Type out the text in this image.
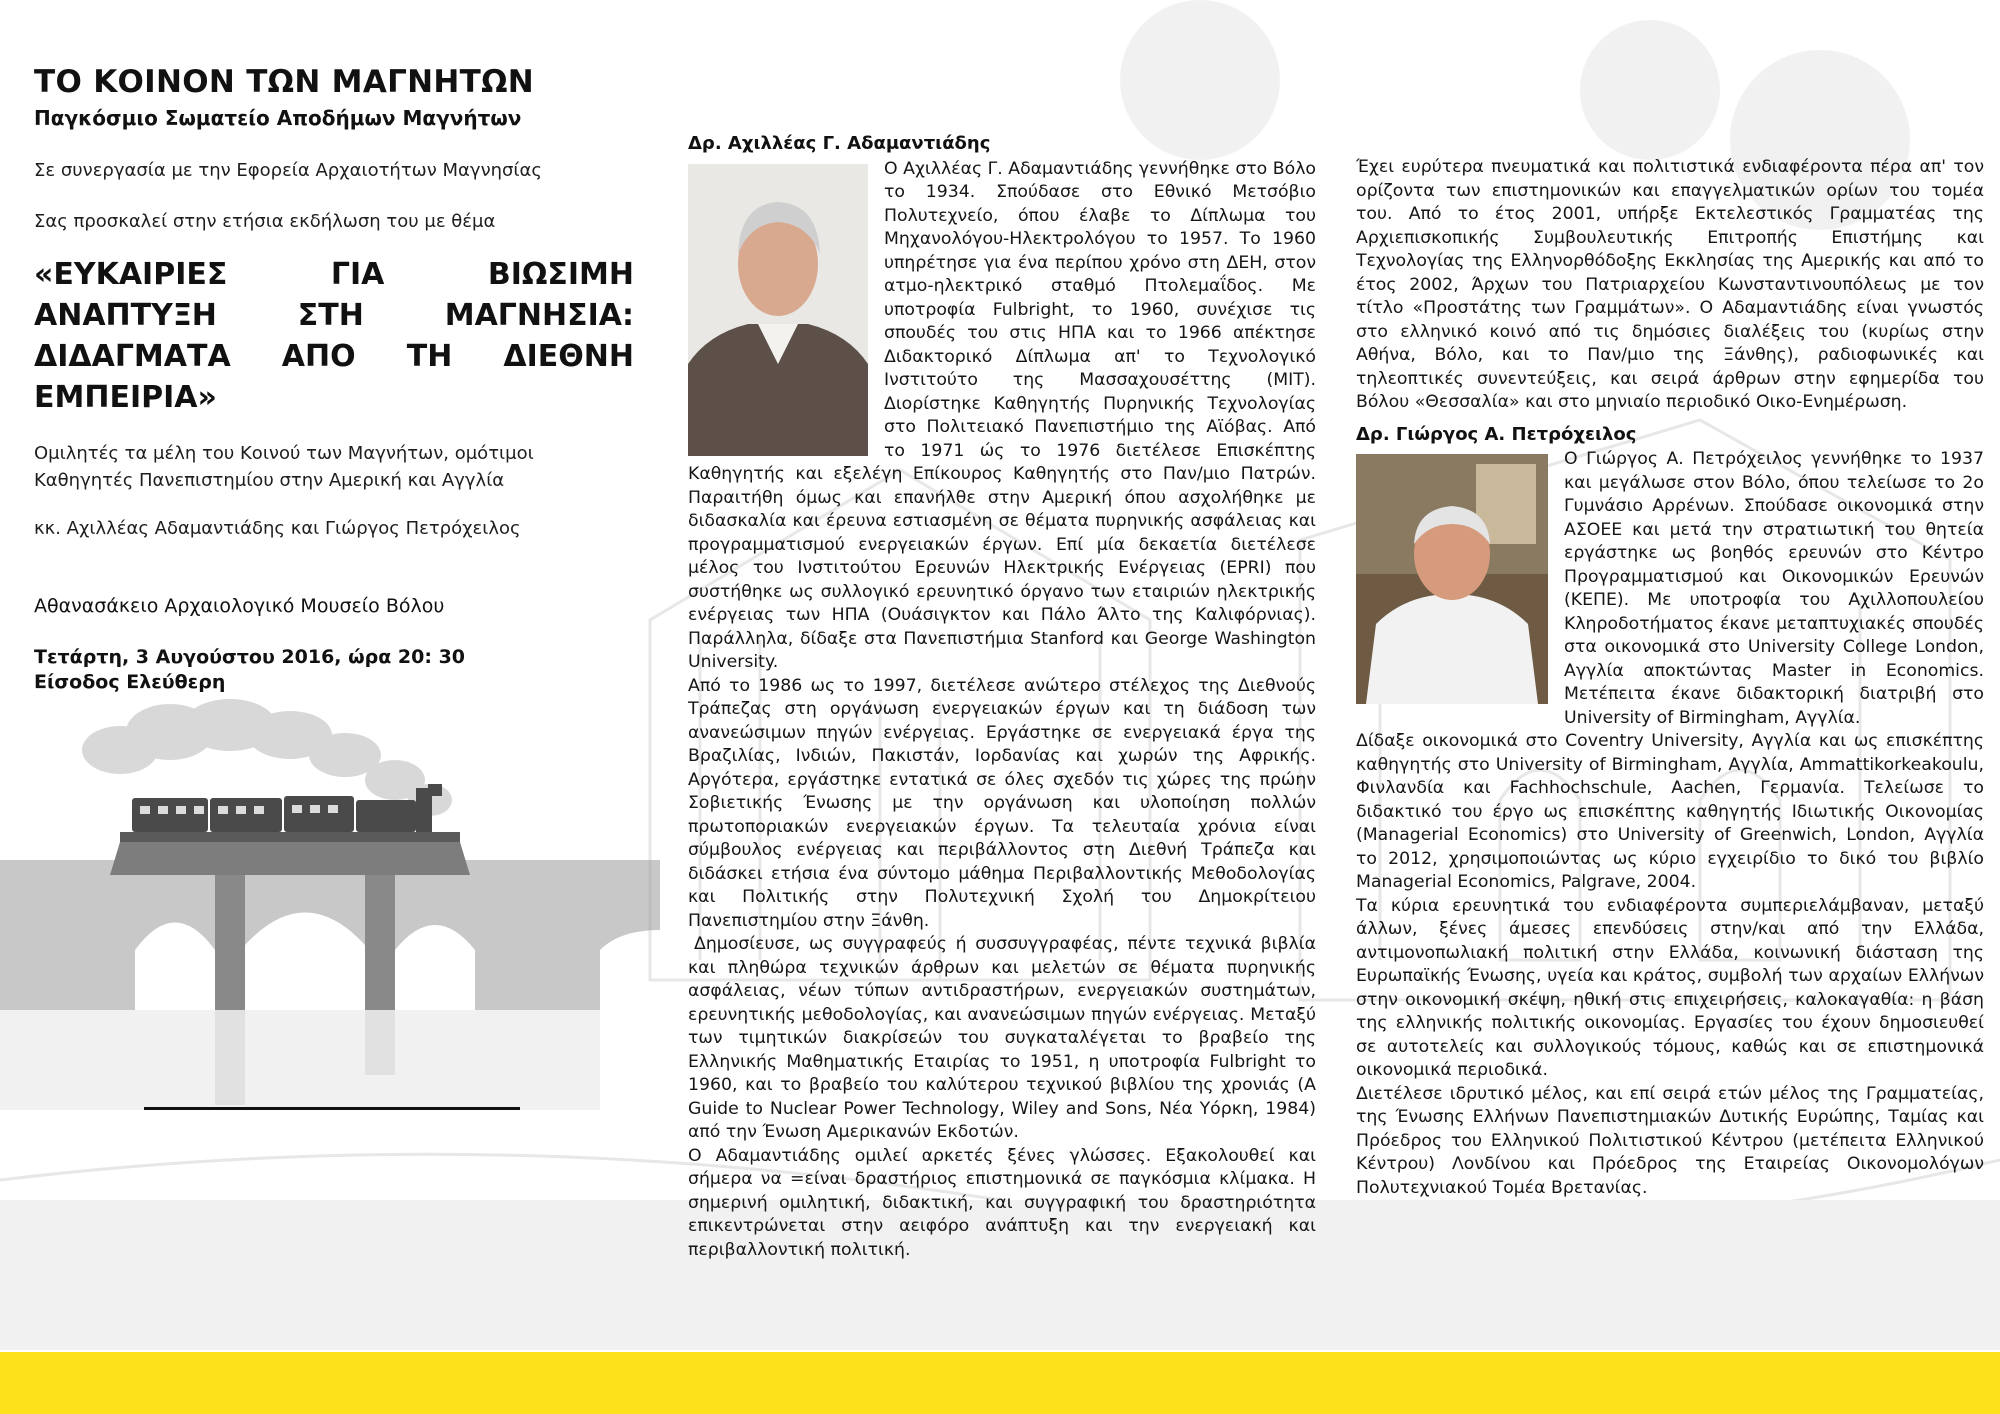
ΤΟ ΚΟΙΝΟΝ ΤΩΝ ΜΑΓΝΗΤΩΝ

Παγκόσμιο Σωματείο Αποδήμων Μαγνήτων

Σε συνεργασία με την Εφορεία Αρχαιοτήτων Μαγνησίας

Σας προσκαλεί στην ετήσια εκδήλωση του με θέμα

«ΕΥΚΑΙΡΙΕΣ ΓΙΑ ΒΙΩΣΙΜΗ ΑΝΑΠΤΥΞΗ ΣΤΗ ΜΑΓΝΗΣΙΑ: ΔΙΔΑΓΜΑΤΑ ΑΠΟ ΤΗ ΔΙΕΘΝΗ ΕΜΠΕΙΡΙΑ»

Ομιλητές τα μέλη του Κοινού των Μαγνήτων, ομότιμοι Καθηγητές Πανεπιστημίου στην Αμερική και Αγγλία

κκ. Αχιλλέας Αδαμαντιάδης και Γιώργος Πετρόχειλος

Αθανασάκειο Αρχαιολογικό Μουσείο Βόλου

Τετάρτη, 3 Αυγούστου 2016, ώρα 20: 30

Είσοδος Ελεύθερη

Δρ. Αχιλλέας Γ. Αδαμαντιάδης

Ο Αχιλλέας Γ. Αδαμαντιάδης γεννήθηκε στο Βόλο το 1934. Σπούδασε στο Εθνικό Μετσόβιο Πολυτεχνείο, όπου έλαβε το Δίπλωμα του Μηχανολόγου-Ηλεκτρολόγου το 1957. Το 1960 υπηρέτησε για ένα περίπου χρόνο στη ΔΕΗ, στον ατμο-ηλεκτρικό σταθμό Πτολεμαΐδος. Με υποτροφία Fulbright, το 1960, συνέχισε τις σπουδές του στις ΗΠΑ και το 1966 απέκτησε Διδακτορικό Δίπλωμα απ' το Τεχνολογικό Ινστιτούτο της Μασσαχουσέττης (MIT). Διορίστηκε Καθηγητής Πυρηνικής Τεχνολογίας στο Πολιτειακό Πανεπιστήμιο της Αϊόβας. Από το 1971 ώς το 1976 διετέλεσε Επισκέπτης Καθηγητής και εξελέγη Επίκουρος Καθηγητής στο Παν/μιο Πατρών. Παραιτήθη όμως και επανήλθε στην Αμερική όπου ασχολήθηκε με διδασκαλία και έρευνα εστιασμένη σε θέματα πυρηνικής ασφάλειας και προγραμματισμού ενεργειακών έργων. Επί μία δεκαετία διετέλεσε μέλος του Ινστιτούτου Ερευνών Ηλεκτρικής Ενέργειας (EPRI) που συστήθηκε ως συλλογικό ερευνητικό όργανο των εταιριών ηλεκτρικής ενέργειας των ΗΠΑ (Ουάσιγκτον και Πάλο Άλτο της Καλιφόρνιας). Παράλληλα, δίδαξε στα Πανεπιστήμια Stanford και George Washington University.

Από το 1986 ως το 1997, διετέλεσε ανώτερο στέλεχος της Διεθνούς Τράπεζας στη οργάνωση ενεργειακών έργων και τη διάδοση των ανανεώσιμων πηγών ενέργειας. Εργάστηκε σε ενεργειακά έργα της Βραζιλίας, Ινδιών, Πακιστάν, Ιορδανίας και χωρών της Αφρικής. Αργότερα, εργάστηκε εντατικά σε όλες σχεδόν τις χώρες της πρώην Σοβιετικής Ένωσης με την οργάνωση και υλοποίηση πολλών πρωτοποριακών ενεργειακών έργων. Τα τελευταία χρόνια είναι σύμβουλος ενέργειας και περιβάλλοντος στη Διεθνή Τράπεζα και διδάσκει ετήσια ένα σύντομο μάθημα Περιβαλλοντικής Μεθοδολογίας και Πολιτικής στην Πολυτεχνική Σχολή του Δημοκρίτειου Πανεπιστημίου στην Ξάνθη.

Δημοσίευσε, ως συγγραφεύς ή συσσυγγραφέας, πέντε τεχνικά βιβλία και πληθώρα τεχνικών άρθρων και μελετών σε θέματα πυρηνικής ασφάλειας, νέων τύπων αντιδραστήρων, ενεργειακών συστημάτων, ερευνητικής μεθοδολογίας, και ανανεώσιμων πηγών ενέργειας. Μεταξύ των τιμητικών διακρίσεών του συγκαταλέγεται το βραβείο της Ελληνικής Μαθηματικής Εταιρίας το 1951, η υποτροφία Fulbright το 1960, και το βραβείο του καλύτερου τεχνικού βιβλίου της χρονιάς (A Guide to Nuclear Power Technology, Wiley and Sons, Νέα Υόρκη, 1984) από την Ένωση Αμερικανών Εκδοτών.

Ο Αδαμαντιάδης ομιλεί αρκετές ξένες γλώσσες. Εξακολουθεί και σήμερα να =είναι δραστήριος επιστημονικά σε παγκόσμια κλίμακα. Η σημερινή ομιλητική, διδακτική, και συγγραφική του δραστηριότητα επικεντρώνεται στην αειφόρο ανάπτυξη και την ενεργειακή και περιβαλλοντική πολιτική.

Έχει ευρύτερα πνευματικά και πολιτιστικά ενδιαφέροντα πέρα απ' τον ορίζοντα των επιστημονικών και επαγγελματικών ορίων του τομέα του. Από το έτος 2001, υπήρξε Εκτελεστικός Γραμματέας της Αρχιεπισκοπικής Συμβουλευτικής Επιτροπής Επιστήμης και Τεχνολογίας της Ελληνορθόδοξης Εκκλησίας της Αμερικής και από το έτος 2002, Άρχων του Πατριαρχείου Κωνσταντινουπόλεως με τον τίτλο «Προστάτης των Γραμμάτων». Ο Αδαμαντιάδης είναι γνωστός στο ελληνικό κοινό από τις δημόσιες διαλέξεις του (κυρίως στην Αθήνα, Βόλο, και το Παν/μιο της Ξάνθης), ραδιοφωνικές και τηλεοπτικές συνεντεύξεις, και σειρά άρθρων στην εφημερίδα του Βόλου «Θεσσαλία» και στο μηνιαίο περιοδικό Οικο-Ενημέρωση.

Δρ. Γιώργος Α. Πετρόχειλος

Ο Γιώργος Α. Πετρόχειλος γεννήθηκε το 1937 και μεγάλωσε στον Βόλο, όπου τελείωσε το 2ο Γυμνάσιο Αρρένων. Σπούδασε οικονομικά στην ΑΣΟΕΕ και μετά την στρατιωτική του θητεία εργάστηκε ως βοηθός ερευνών στο Κέντρο Προγραμματισμού και Οικονομικών Ερευνών (ΚΕΠΕ). Με υποτροφία του Αχιλλοπουλείου Κληροδοτήματος έκανε μεταπτυχιακές σπουδές στα οικονομικά στο University College London, Αγγλία αποκτώντας Master in Economics. Μετέπειτα έκανε διδακτορική διατριβή στο University of Birmingham, Αγγλία.

Δίδαξε οικονομικά στο Coventry University, Αγγλία και ως επισκέπτης καθηγητής στο University of Birmingham, Αγγλία, Ammattikorkeakoulu, Φινλανδία και Fachhochschule, Aachen, Γερμανία. Τελείωσε το διδακτικό του έργο ως επισκέπτης καθηγητής Ιδιωτικής Οικονομίας (Managerial Economics) στο University of Greenwich, London, Αγγλία το 2012, χρησιμοποιώντας ως κύριο εγχειρίδιο το δικό του βιβλίο Managerial Economics, Palgrave, 2004.

Τα κύρια ερευνητικά του ενδιαφέροντα συμπεριελάμβαναν, μεταξύ άλλων, ξένες άμεσες επενδύσεις στην/και από την Ελλάδα, αντιμονοπωλιακή πολιτική στην Ελλάδα, κοινωνική διάσταση της Ευρωπαϊκής Ένωσης, υγεία και κράτος, συμβολή των αρχαίων Ελλήνων στην οικονομική σκέψη, ηθική στις επιχειρήσεις, καλοκαγαθία: η βάση της ελληνικής πολιτικής οικονομίας. Εργασίες του έχουν δημοσιευθεί σε αυτοτελείς και συλλογικούς τόμους, καθώς και σε επιστημονικά οικονομικά περιοδικά.

Διετέλεσε ιδρυτικό μέλος, και επί σειρά ετών μέλος της Γραμματείας, της Ένωσης Ελλήνων Πανεπιστημιακών Δυτικής Ευρώπης, Ταμίας και Πρόεδρος του Ελληνικού Πολιτιστικού Κέντρου (μετέπειτα Ελληνικού Κέντρου) Λονδίνου και Πρόεδρος της Εταιρείας Οικονομολόγων Πολυτεχνιακού Τομέα Βρετανίας.
